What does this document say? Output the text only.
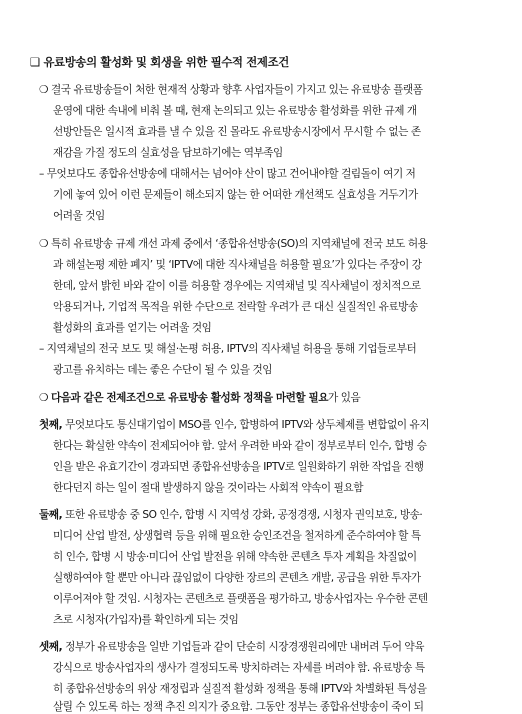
❑ 유료방송의 활성화 및 회생을 위한 필수적 전제조건
❍ 결국 유료방송들이 처한 현재적 상황과 향후 사업자들이 가지고 있는 유료방송 플랫폼
운영에 대한 속내에 비춰 볼 때, 현재 논의되고 있는 유료방송 활성화를 위한 규제 개
선방안들은 일시적 효과를 낼 수 있을 진 몰라도 유료방송시장에서 무시할 수 없는 존
재감을 가질 정도의 실효성을 담보하기에는 역부족임
– 무엇보다도 종합유선방송에 대해서는 넘어야 산이 많고 건어내야할 걸림돌이 여기 저
기에 놓여 있어 이런 문제들이 해소되지 않는 한 어떠한 개선책도 실효성을 거두기가
어려울 것임
❍ 특히 유료방송 규제 개선 과제 중에서 ‘종합유선방송(SO)의 지역채널에 전국 보도 허용
과 해설논평 제한 폐지’ 및 ‘IPTV에 대한 직사채널을 허용할 필요’가 있다는 주장이 강
한데, 앞서 밝힌 바와 같이 이를 허용할 경우에는 지역채널 및 직사채널이 정치적으로
악용되거나, 기업적 목적을 위한 수단으로 전락할 우려가 큰 대신 실질적인 유료방송
활성화의 효과를 얻기는 어려울 것임
– 지역채널의 전국 보도 및 해설·논평 허용, IPTV의 직사채널 허용을 통해 기업들로부터
광고를 유치하는 데는 좋은 수단이 될 수 있을 것임
❍ 다음과 같은 전제조건으로 유료방송 활성화 정책을 마련할 필요가 있음
첫째, 무엇보다도 통신대기업이 MSO를 인수, 합병하여 IPTV와 상두체제를 변합없이 유지
한다는 확실한 약속이 전제되어야 함. 앞서 우려한 바와 같이 정부로부터 인수, 합병 승
인을 받은 유효기간이 경과되면 종합유선방송을 IPTV로 일원화하기 위한 작업을 진행
한다던지 하는 일이 절대 발생하지 않을 것이라는 사회적 약속이 필요함
둘째, 또한 유료방송 중 SO 인수, 합병 시 지역성 강화, 공정경쟁, 시청자 권익보호, 방송·
미디어 산업 발전, 상생협력 등을 위해 필요한 승인조건을 철저하게 준수하여야 할 특
히 인수, 합병 시 방송·미디어 산업 발전을 위해 약속한 콘텐츠 투자 계획을 차질없이
실행하여야 할 뿐만 아니라 끊임없이 다양한 장르의 콘텐츠 개발, 공급을 위한 투자가
이루어져야 할 것임. 시청자는 콘텐츠로 플랫폼을 평가하고, 방송사업자는 우수한 콘텐
츠로 시청자(가입자)를 확인하게 되는 것임
셋째, 정부가 유료방송을 일반 기업들과 같이 단순히 시장경쟁원리에만 내버려 두어 약육
강식으로 방송사업자의 생사가 결정되도록 방치하려는 자세를 버려야 함. 유료방송 특
히 종합유선방송의 위상 재정립과 실질적 활성화 정책을 통해 IPTV와 차별화된 특성을
살릴 수 있도록 하는 정책 추진 의지가 중요함. 그동안 정부는 종합유선방송이 죽이 되
